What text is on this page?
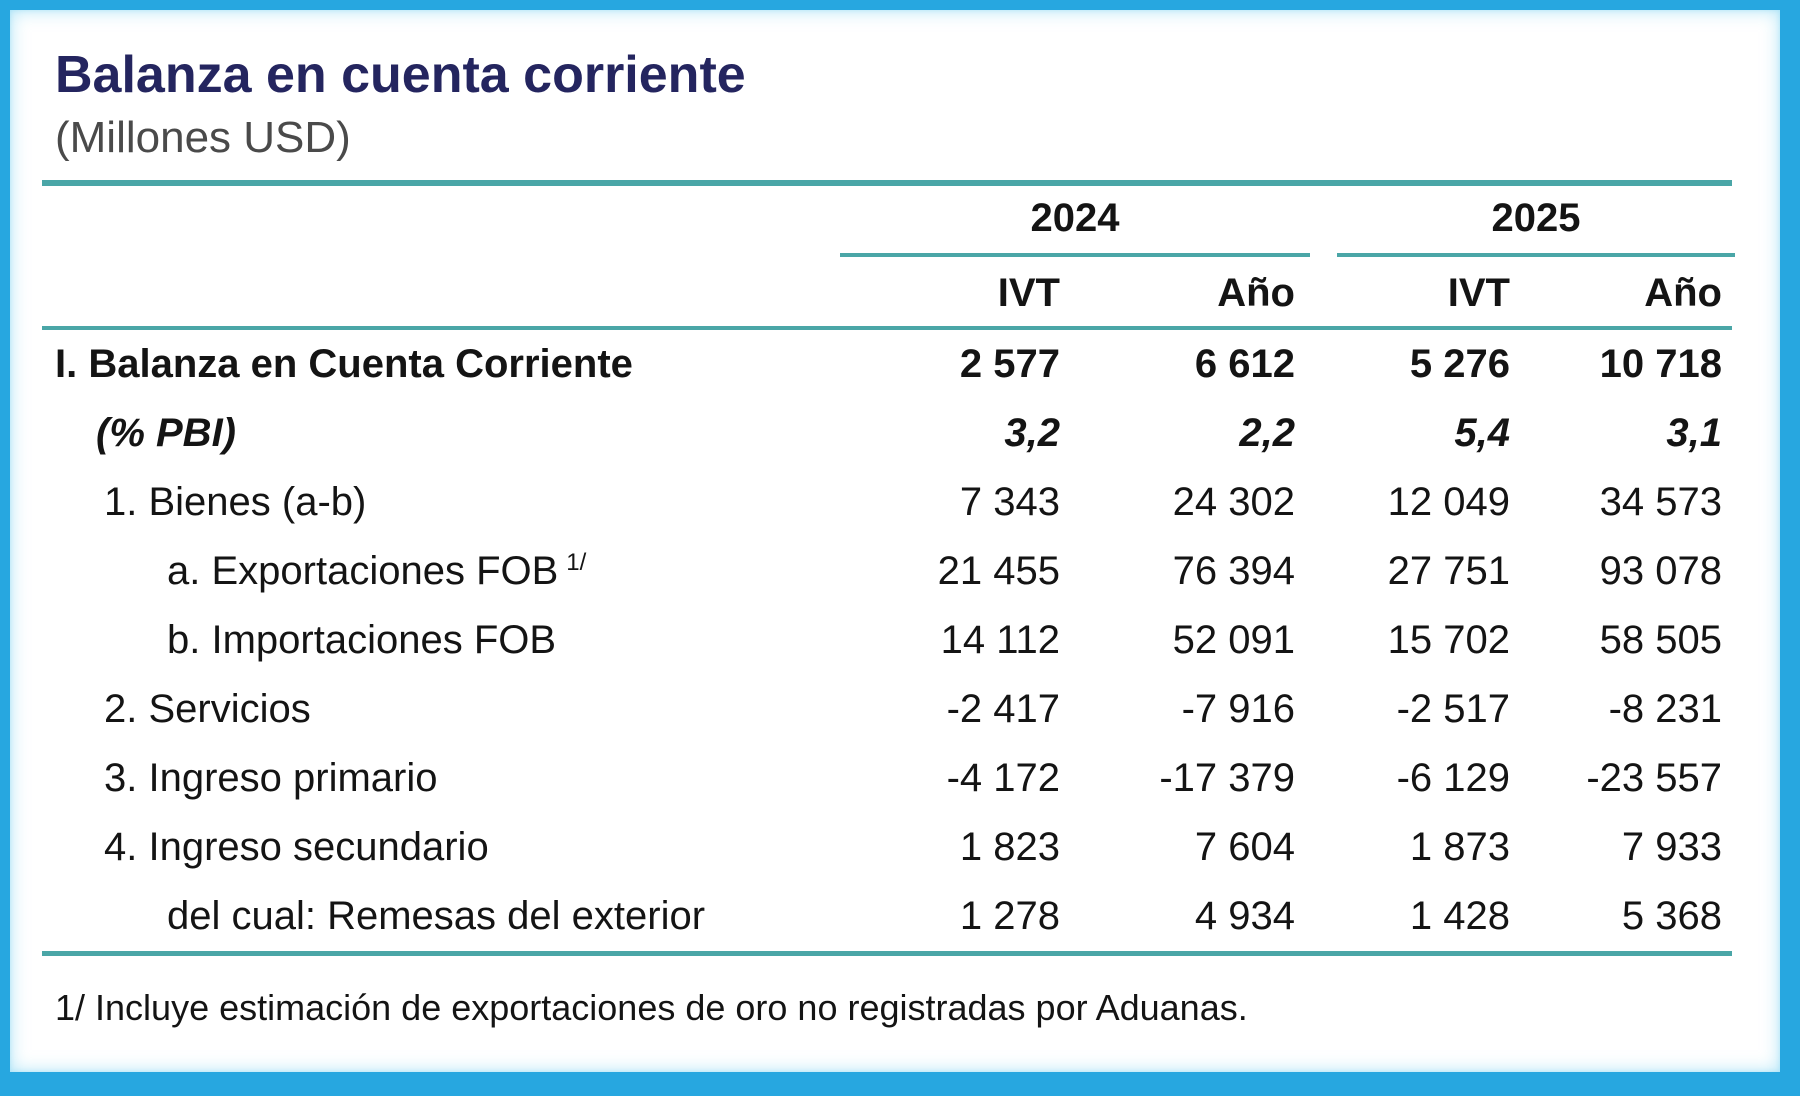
Balanza en cuenta corriente
(Millones USD)
2024	2025
IVT	Año	IVT	Año
I. Balanza en Cuenta Corriente	2 577	6 612	5 276	10 718
(% PBI)	3,2	2,2	5,4	3,1
1. Bienes (a-b)	7 343	24 302	12 049	34 573
a. Exportaciones FOB $^{1/}$	21 455	76 394	27 751	93 078
b. Importaciones FOB	14 112	52 091	15 702	58 505
2. Servicios	-2 417	-7 916	-2 517	-8 231
3. Ingreso primario	-4 172	-17 379	-6 129	-23 557
4. Ingreso secundario	1 823	7 604	1 873	7 933
del cual: Remesas del exterior	1 278	4 934	1 428	5 368
1/ Incluye estimación de exportaciones de oro no registradas por Aduanas.
